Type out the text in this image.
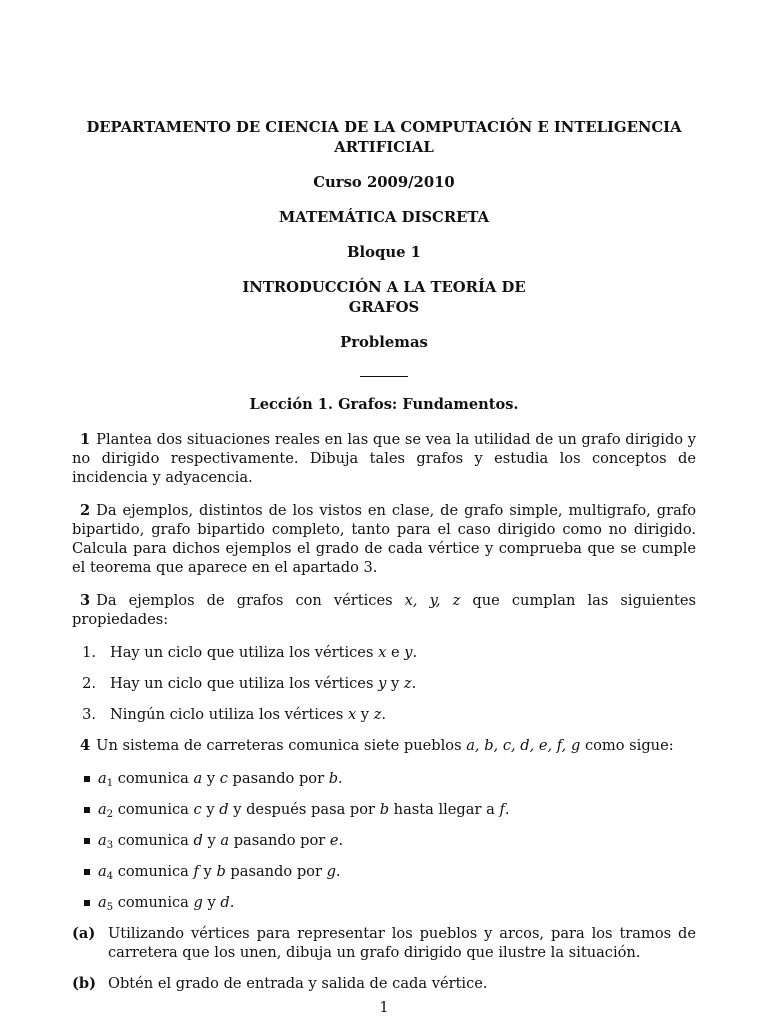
DEPARTAMENTO DE CIENCIA DE LA COMPUTACIÓN E INTELIGENCIA

ARTIFICIAL

Curso 2009/2010

MATEMÁTICA DISCRETA

Bloque 1

INTRODUCCIÓN A LA TEORÍA DE

GRAFOS

Problemas

Lección 1. Grafos: Fundamentos.

1 Plantea dos situaciones reales en las que se vea la utilidad de un grafo dirigido y no dirigido respectivamente. Dibuja tales grafos y estudia los conceptos de incidencia y adyacencia.

2 Da ejemplos, distintos de los vistos en clase, de grafo simple, multigrafo, grafo bipartido, grafo bipartido completo, tanto para el caso dirigido como no dirigido. Calcula para dichos ejemplos el grado de cada vértice y comprueba que se cumple el teorema que aparece en el apartado 3.

3 Da ejemplos de grafos con vértices x, y, z que cumplan las siguientes propiedades:

1. Hay un ciclo que utiliza los vértices x e y.
2. Hay un ciclo que utiliza los vértices y y z.
3. Ningún ciclo utiliza los vértices x y z.

4 Un sistema de carreteras comunica siete pueblos a, b, c, d, e, f, g como sigue:

$a_1$ comunica a y c pasando por b.
$a_2$ comunica c y d y después pasa por b hasta llegar a f.
$a_3$ comunica d y a pasando por e.
$a_4$ comunica f y b pasando por g.
$a_5$ comunica g y d.
(a) Utilizando vértices para representar los pueblos y arcos, para los tramos de carretera que los unen, dibuja un grafo dirigido que ilustre la situación.
(b) Obtén el grado de entrada y salida de cada vértice.
1
